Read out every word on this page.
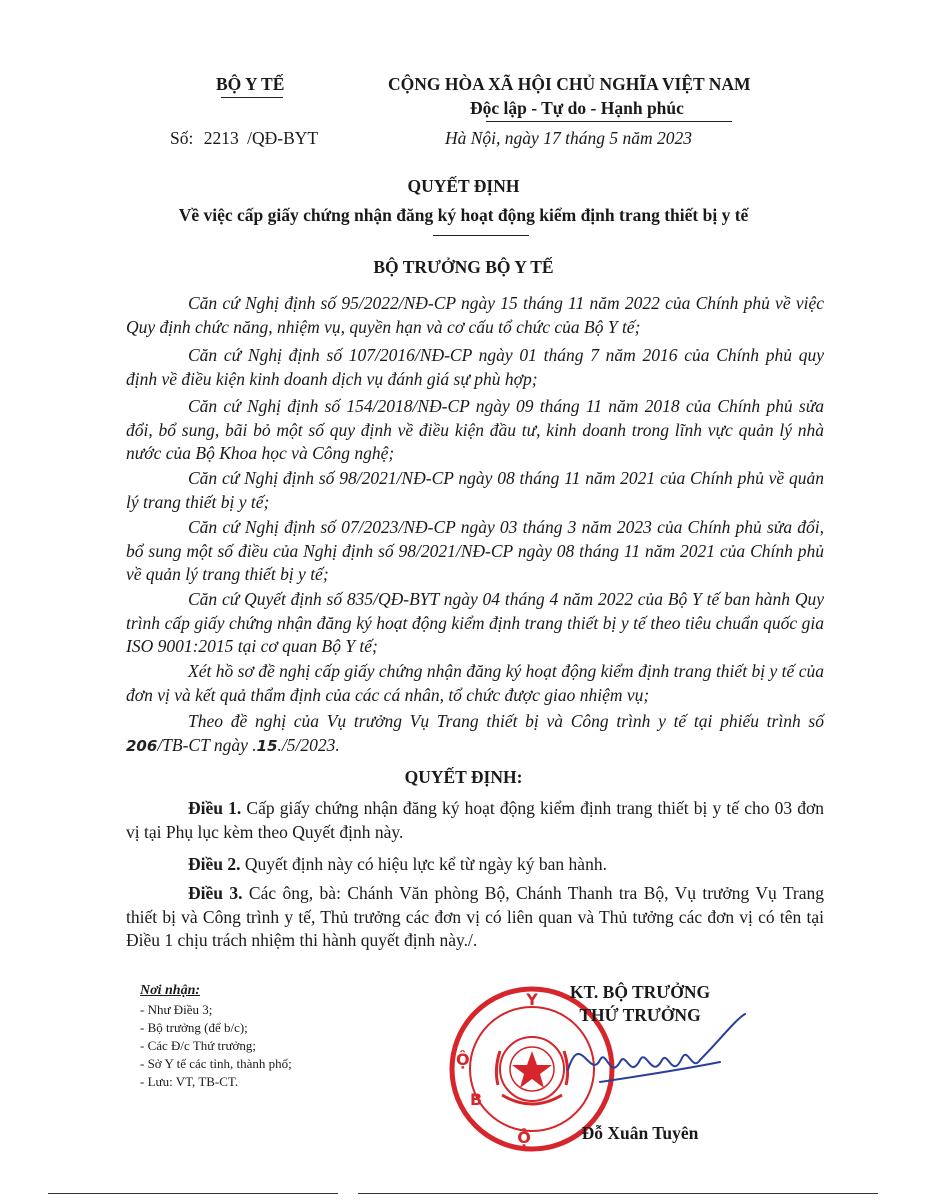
BỘ Y TẾ	CỘNG HÒA XÃ HỘI CHỦ NGHĨA VIỆT NAM
Độc lập - Tự do - Hạnh phúc
Số: 2213 /QĐ-BYT	Hà Nội, ngày 17 tháng 5 năm 2023
QUYẾT ĐỊNH
Về việc cấp giấy chứng nhận đăng ký hoạt động kiểm định trang thiết bị y tế
BỘ TRƯỞNG BỘ Y TẾ

Căn cứ Nghị định số 95/2022/NĐ-CP ngày 15 tháng 11 năm 2022 của Chính phủ về việc Quy định chức năng, nhiệm vụ, quyền hạn và cơ cấu tổ chức của Bộ Y tế;

Căn cứ Nghị định số 107/2016/NĐ-CP ngày 01 tháng 7 năm 2016 của Chính phủ quy định về điều kiện kinh doanh dịch vụ đánh giá sự phù hợp;

Căn cứ Nghị định số 154/2018/NĐ-CP ngày 09 tháng 11 năm 2018 của Chính phủ sửa đổi, bổ sung, bãi bỏ một số quy định về điều kiện đầu tư, kinh doanh trong lĩnh vực quản lý nhà nước của Bộ Khoa học và Công nghệ;

Căn cứ Nghị định số 98/2021/NĐ-CP ngày 08 tháng 11 năm 2021 của Chính phủ về quản lý trang thiết bị y tế;

Căn cứ Nghị định số 07/2023/NĐ-CP ngày 03 tháng 3 năm 2023 của Chính phủ sửa đổi, bổ sung một số điều của Nghị định số 98/2021/NĐ-CP ngày 08 tháng 11 năm 2021 của Chính phủ về quản lý trang thiết bị y tế;

Căn cứ Quyết định số 835/QĐ-BYT ngày 04 tháng 4 năm 2022 của Bộ Y tế ban hành Quy trình cấp giấy chứng nhận đăng ký hoạt động kiểm định trang thiết bị y tế theo tiêu chuẩn quốc gia ISO 9001:2015 tại cơ quan Bộ Y tế;

Xét hồ sơ đề nghị cấp giấy chứng nhận đăng ký hoạt động kiểm định trang thiết bị y tế của đơn vị và kết quả thẩm định của các cá nhân, tổ chức được giao nhiệm vụ;

Theo đề nghị của Vụ trưởng Vụ Trang thiết bị và Công trình y tế tại phiếu trình số 206/TB-CT ngày .15./5/2023.

QUYẾT ĐỊNH:

Điều 1. Cấp giấy chứng nhận đăng ký hoạt động kiểm định trang thiết bị y tế cho 03 đơn vị tại Phụ lục kèm theo Quyết định này.

Điều 2. Quyết định này có hiệu lực kể từ ngày ký ban hành.

Điều 3. Các ông, bà: Chánh Văn phòng Bộ, Chánh Thanh tra Bộ, Vụ trưởng Vụ Trang thiết bị và Công trình y tế, Thủ trưởng các đơn vị có liên quan và Thủ tưởng các đơn vị có tên tại Điều 1 chịu trách nhiệm thi hành quyết định này./.

Nơi nhận:
- Như Điều 3;
- Bộ trưởng (để b/c);
- Các Đ/c Thứ trưởng;
- Sở Y tế các tỉnh, thành phố;
- Lưu: VT, TB-CT.
Y
Ộ
Ộ
B
KT. BỘ TRƯỞNG
THỨ TRƯỞNG
Đỗ Xuân Tuyên
